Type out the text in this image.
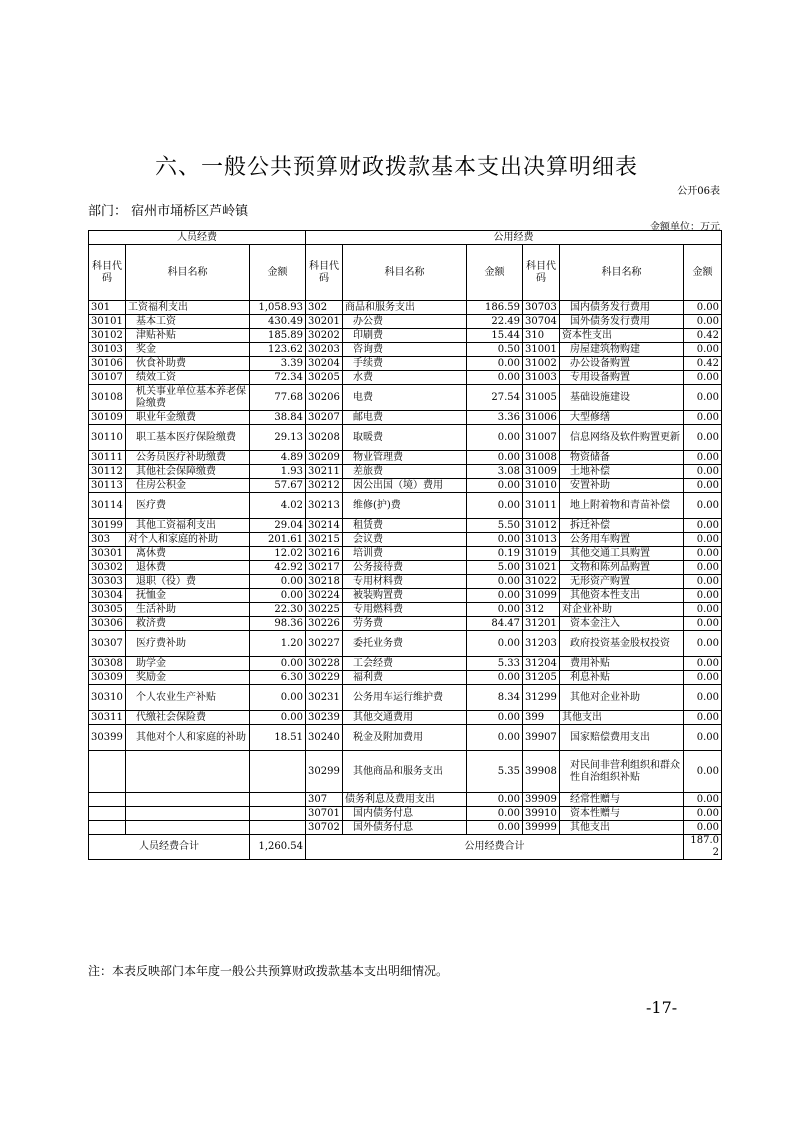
六、一般公共预算财政拨款基本支出决算明细表
公开06表
部门： 宿州市埇桥区芦岭镇
金额单位：万元
人员经费			公用经费					
科目代码	科目名称	金额	科目代码	科目名称	金额	科目代码	科目名称	金额
301	工资福利支出	1,058.93	302	商品和服务支出	186.59	30703	国内债务发行费用	0.00
30101	基本工资	430.49	30201	办公费	22.49	30704	国外债务发行费用	0.00
30102	津贴补贴	185.89	30202	印刷费	15.44	310	资本性支出	0.42
30103	奖金	123.62	30203	咨询费	0.50	31001	房屋建筑物购建	0.00
30106	伙食补助费	3.39	30204	手续费	0.00	31002	办公设备购置	0.42
30107	绩效工资	72.34	30205	水费	0.00	31003	专用设备购置	0.00
30108	机关事业单位基本养老保险缴费	77.68	30206	电费	27.54	31005	基础设施建设	0.00
30109	职业年金缴费	38.84	30207	邮电费	3.36	31006	大型修缮	0.00
30110	职工基本医疗保险缴费	29.13	30208	取暖费	0.00	31007	信息网络及软件购置更新	0.00
30111	公务员医疗补助缴费	4.89	30209	物业管理费	0.00	31008	物资储备	0.00
30112	其他社会保障缴费	1.93	30211	差旅费	3.08	31009	土地补偿	0.00
30113	住房公积金	57.67	30212	因公出国（境）费用	0.00	31010	安置补助	0.00
30114	医疗费	4.02	30213	维修(护)费	0.00	31011	地上附着物和青苗补偿	0.00
30199	其他工资福利支出	29.04	30214	租赁费	5.50	31012	拆迁补偿	0.00
303	对个人和家庭的补助	201.61	30215	会议费	0.00	31013	公务用车购置	0.00
30301	离休费	12.02	30216	培训费	0.19	31019	其他交通工具购置	0.00
30302	退休费	42.92	30217	公务接待费	5.00	31021	文物和陈列品购置	0.00
30303	退职（役）费	0.00	30218	专用材料费	0.00	31022	无形资产购置	0.00
30304	抚恤金	0.00	30224	被装购置费	0.00	31099	其他资本性支出	0.00
30305	生活补助	22.30	30225	专用燃料费	0.00	312	对企业补助	0.00
30306	救济费	98.36	30226	劳务费	84.47	31201	资本金注入	0.00
30307	医疗费补助	1.20	30227	委托业务费	0.00	31203	政府投资基金股权投资	0.00
30308	助学金	0.00	30228	工会经费	5.33	31204	费用补贴	0.00
30309	奖励金	6.30	30229	福利费	0.00	31205	利息补贴	0.00
30310	个人农业生产补贴	0.00	30231	公务用车运行维护费	8.34	31299	其他对企业补助	0.00
30311	代缴社会保险费	0.00	30239	其他交通费用	0.00	399	其他支出	0.00
30399	其他对个人和家庭的补助	18.51	30240	税金及附加费用	0.00	39907	国家赔偿费用支出	0.00
			30299	其他商品和服务支出	5.35	39908	对民间非营利组织和群众性自治组织补贴	0.00
			307	债务利息及费用支出	0.00	39909	经常性赠与	0.00
			30701	国内债务付息	0.00	39910	资本性赠与	0.00
			30702	国外债务付息	0.00	39999	其他支出	0.00
人员经费合计		1,260.54	公用经费合计					187.02
注：本表反映部门本年度一般公共预算财政拨款基本支出明细情况。
-17-
